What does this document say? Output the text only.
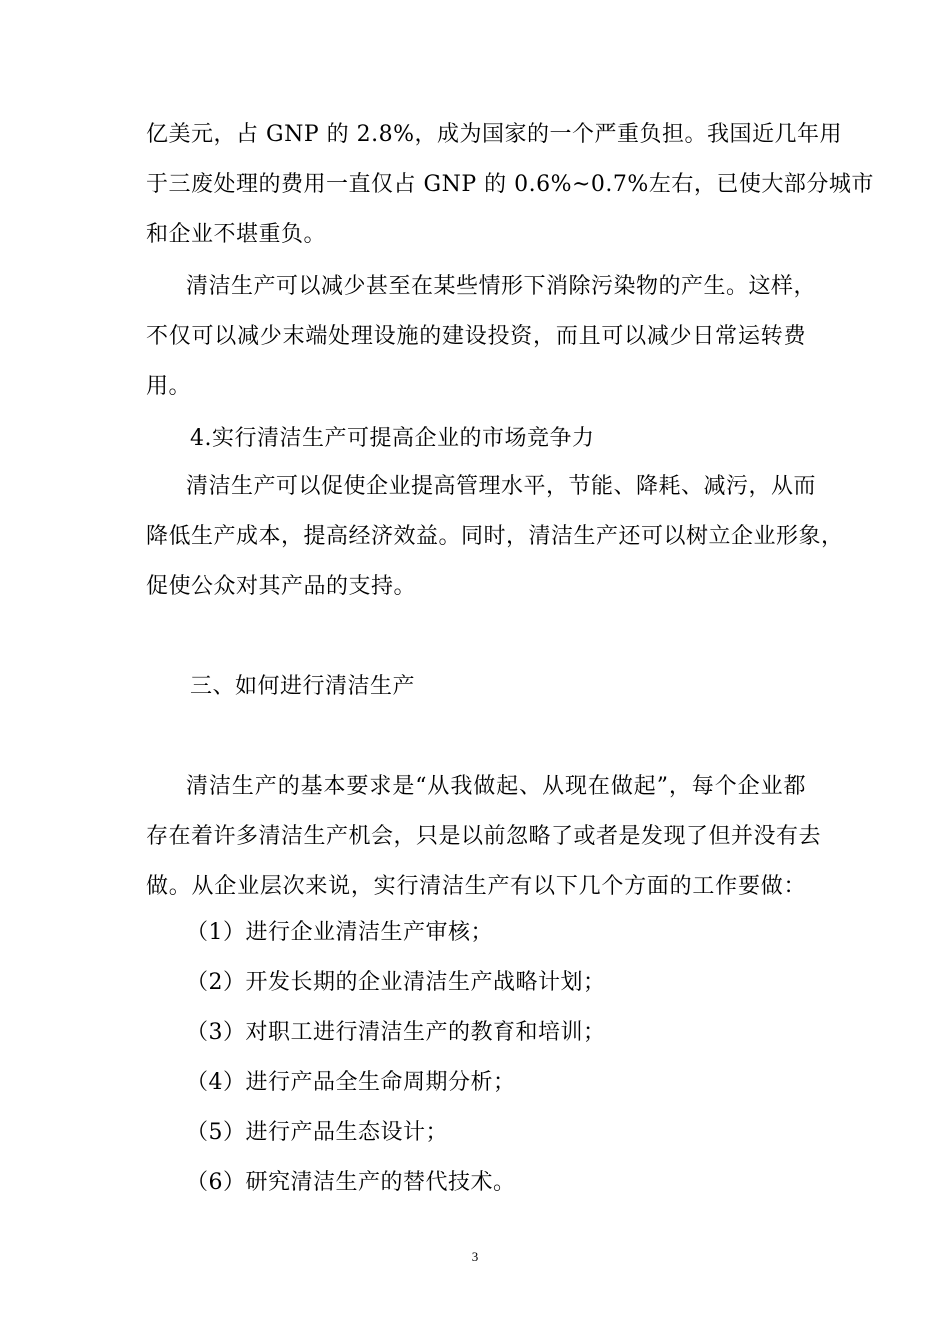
亿美元，占 GNP 的 2.8%，成为国家的一个严重负担。我国近几年用
于三废处理的费用一直仅占 GNP 的 0.6%~0.7%左右，已使大部分城市
和企业不堪重负。
清洁生产可以减少甚至在某些情形下消除污染物的产生。这样，
不仅可以减少末端处理设施的建设投资，而且可以减少日常运转费
用。
4.实行清洁生产可提高企业的市场竞争力
清洁生产可以促使企业提高管理水平，节能、降耗、减污，从而
降低生产成本，提高经济效益。同时，清洁生产还可以树立企业形象，
促使公众对其产品的支持。
三、如何进行清洁生产
清洁生产的基本要求是“从我做起、从现在做起”，每个企业都
存在着许多清洁生产机会，只是以前忽略了或者是发现了但并没有去
做。从企业层次来说，实行清洁生产有以下几个方面的工作要做：
（1）进行企业清洁生产审核；
（2）开发长期的企业清洁生产战略计划；
（3）对职工进行清洁生产的教育和培训；
（4）进行产品全生命周期分析；
（5）进行产品生态设计；
（6）研究清洁生产的替代技术。
3
